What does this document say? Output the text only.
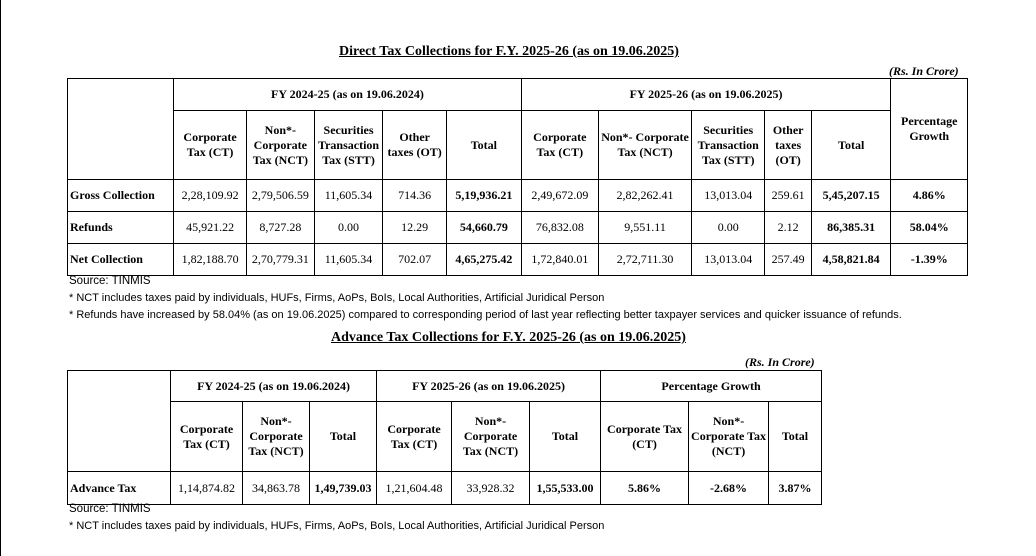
Direct Tax Collections for F.Y. 2025-26 (as on 19.06.2025)
(Rs. In Crore)
	FY 2024-25 (as on 19.06.2024)					FY 2025-26 (as on 19.06.2025)					Percentage Growth
	Corporate Tax (CT)	Non*- Corporate Tax (NCT)	Securities Transaction Tax (STT)	Other taxes (OT)	Total	Corporate Tax (CT)	Non*- Corporate Tax (NCT)	Securities Transaction Tax (STT)	Other taxes (OT)	Total	
Gross Collection	2,28,109.92	2,79,506.59	11,605.34	714.36	5,19,936.21	2,49,672.09	2,82,262.41	13,013.04	259.61	5,45,207.15	4.86%
Refunds	45,921.22	8,727.28	0.00	12.29	54,660.79	76,832.08	9,551.11	0.00	2.12	86,385.31	58.04%
Net Collection	1,82,188.70	2,70,779.31	11,605.34	702.07	4,65,275.42	1,72,840.01	2,72,711.30	13,013.04	257.49	4,58,821.84	-1.39%
Source: TINMIS
* NCT includes taxes paid by individuals, HUFs, Firms, AoPs, BoIs, Local Authorities, Artificial Juridical Person
* Refunds have increased by 58.04% (as on 19.06.2025) compared to corresponding period of last year reflecting better taxpayer services and quicker issuance of refunds.
Advance Tax Collections for F.Y. 2025-26 (as on 19.06.2025)
(Rs. In Crore)
	FY 2024-25 (as on 19.06.2024)			FY 2025-26 (as on 19.06.2025)			Percentage Growth		
	Corporate Tax (CT)	Non*- Corporate Tax (NCT)	Total	Corporate Tax (CT)	Non*- Corporate Tax (NCT)	Total	Corporate Tax (CT)	Non*- Corporate Tax (NCT)	Total
Advance Tax	1,14,874.82	34,863.78	1,49,739.03	1,21,604.48	33,928.32	1,55,533.00	5.86%	-2.68%	3.87%
Source: TINMIS
* NCT includes taxes paid by individuals, HUFs, Firms, AoPs, BoIs, Local Authorities, Artificial Juridical Person
